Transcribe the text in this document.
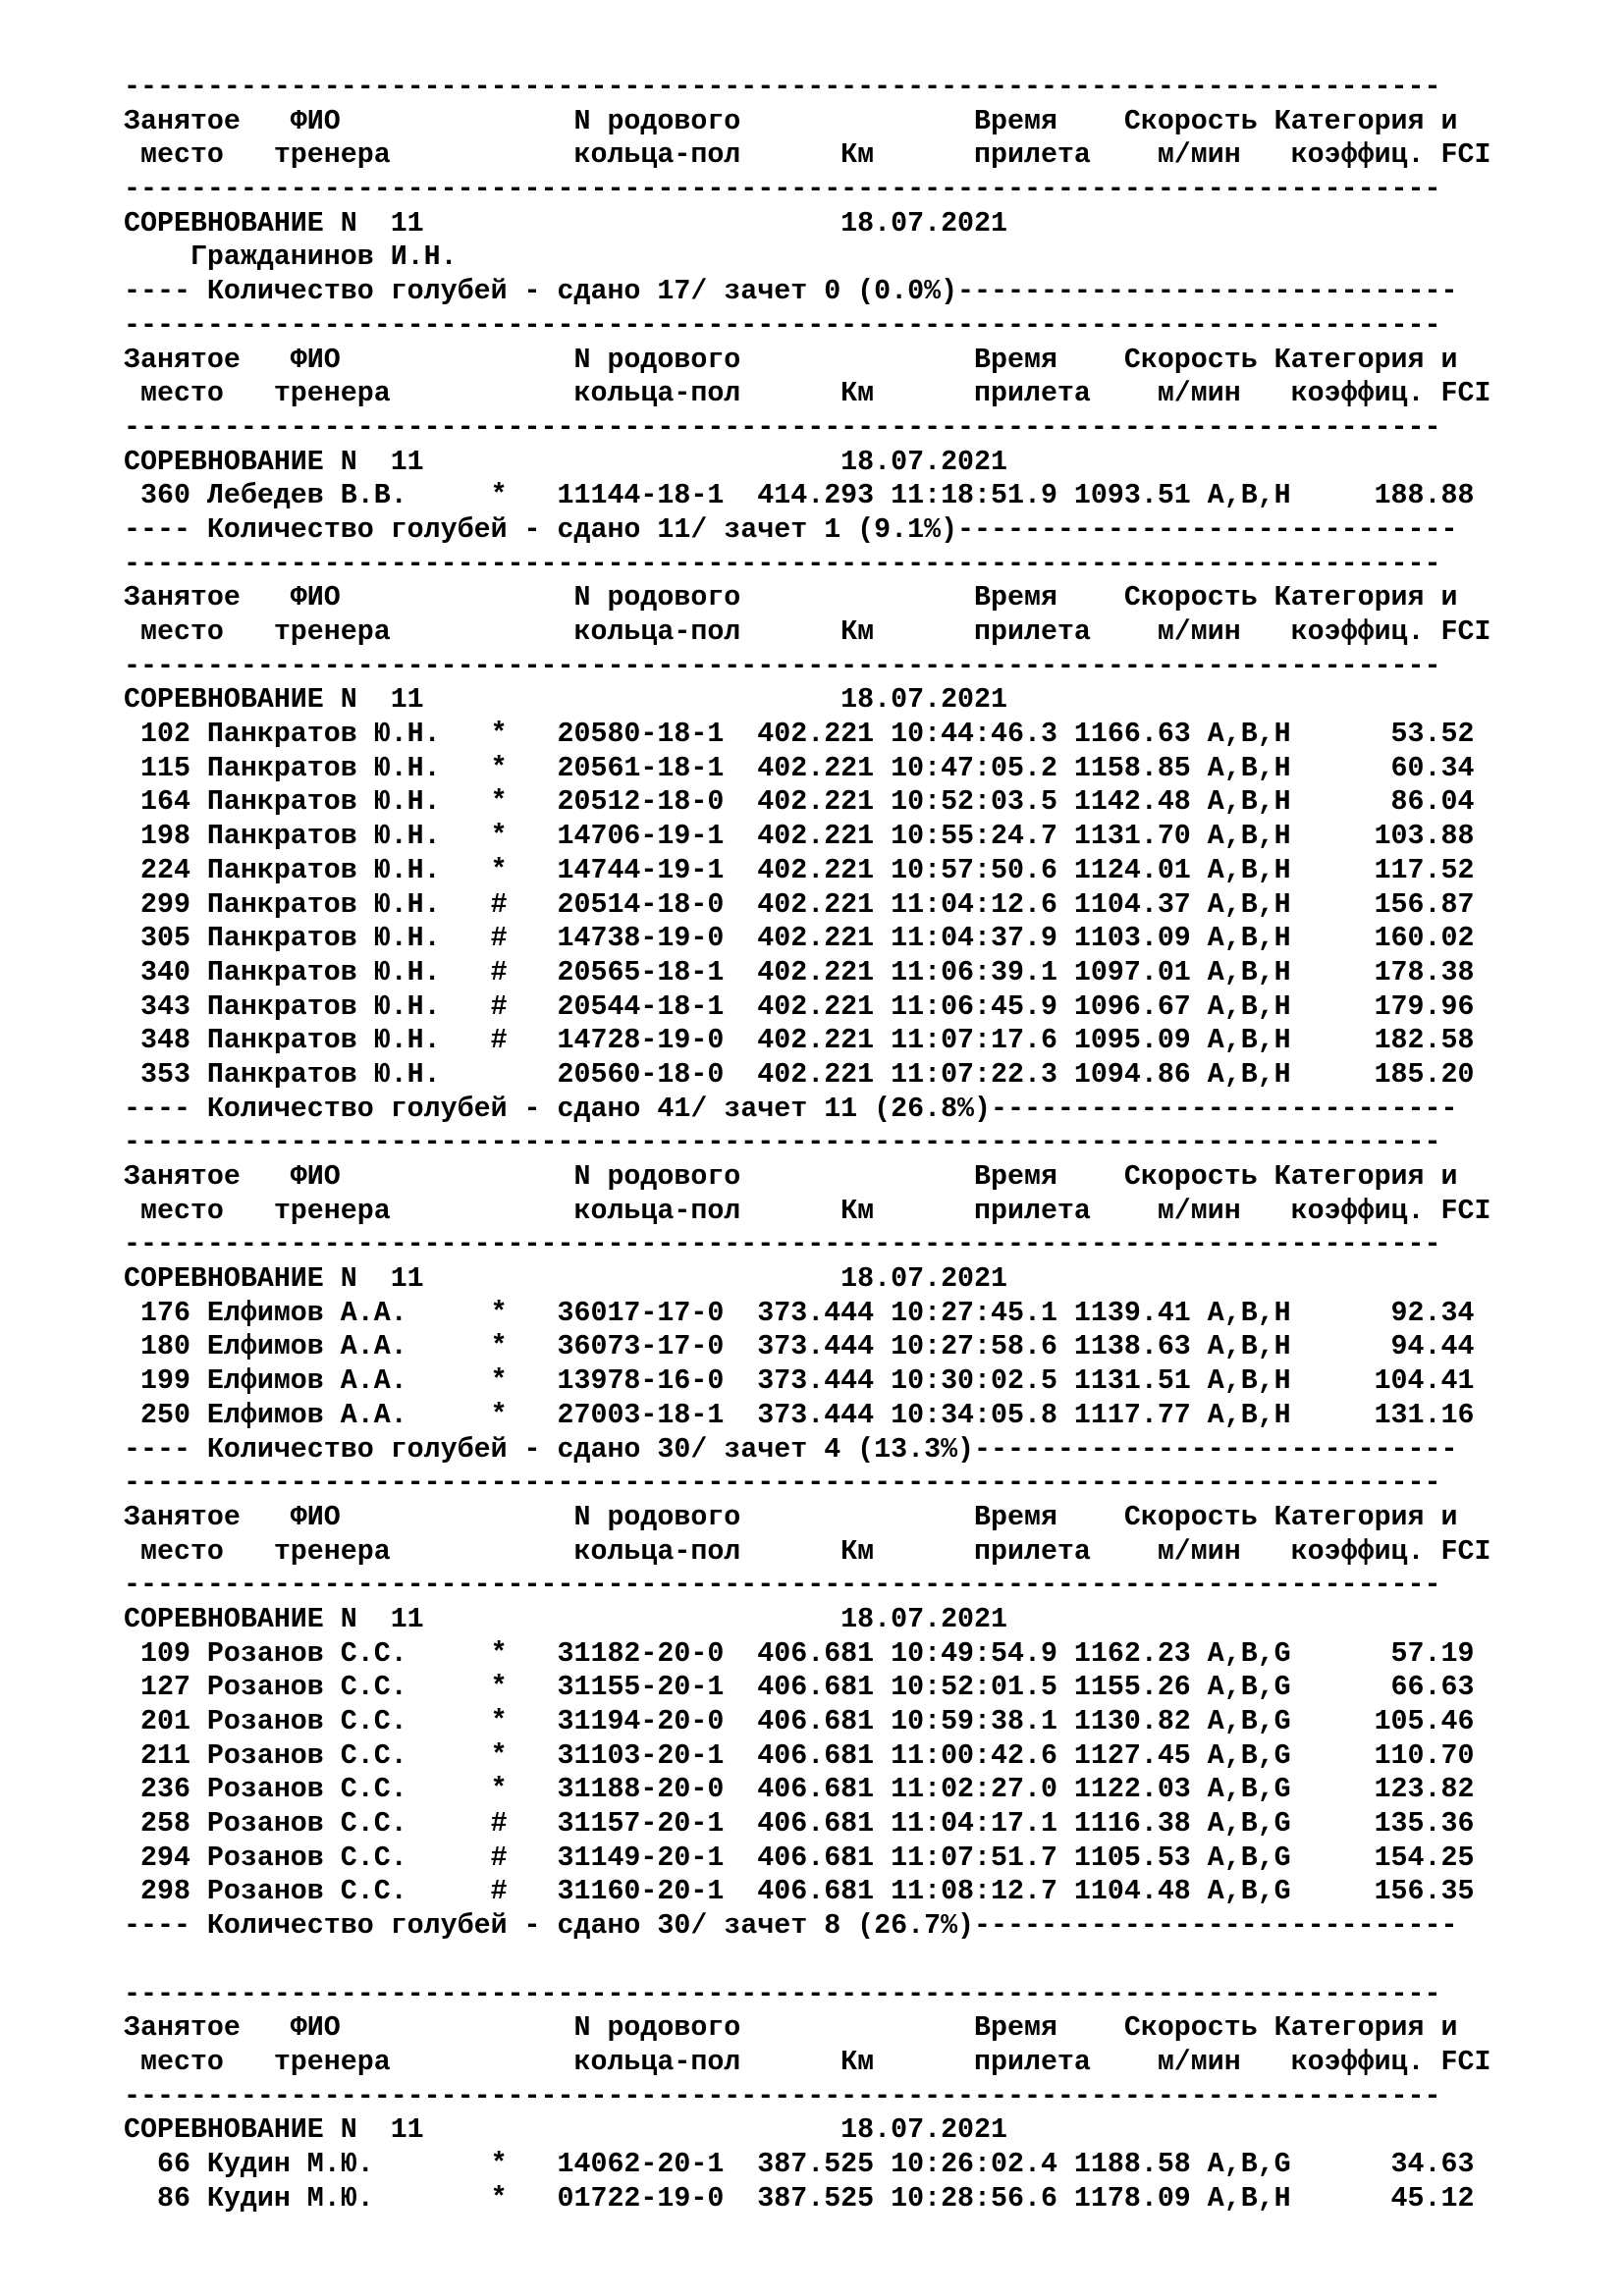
-------------------------------------------------------------------------------
Занятое   ФИО              N родового              Время    Скорость Категория и
место   тренера           кольца-пол      Км      прилета    м/мин   коэффиц. FCI
-------------------------------------------------------------------------------
СОРЕВНОВАНИЕ N  11                         18.07.2021
Гражданинов И.Н.
---- Количество голубей - сдано 17/ зачет 0 (0.0%)------------------------------
-------------------------------------------------------------------------------
Занятое   ФИО              N родового              Время    Скорость Категория и
место   тренера           кольца-пол      Км      прилета    м/мин   коэффиц. FCI
-------------------------------------------------------------------------------
СОРЕВНОВАНИЕ N  11                         18.07.2021
360 Лебедев В.В.     *   11144-18-1  414.293 11:18:51.9 1093.51 A,B,H     188.88
---- Количество голубей - сдано 11/ зачет 1 (9.1%)------------------------------
-------------------------------------------------------------------------------
Занятое   ФИО              N родового              Время    Скорость Категория и
место   тренера           кольца-пол      Км      прилета    м/мин   коэффиц. FCI
-------------------------------------------------------------------------------
СОРЕВНОВАНИЕ N  11                         18.07.2021
102 Панкратов Ю.Н.   *   20580-18-1  402.221 10:44:46.3 1166.63 A,B,H      53.52
115 Панкратов Ю.Н.   *   20561-18-1  402.221 10:47:05.2 1158.85 A,B,H      60.34
164 Панкратов Ю.Н.   *   20512-18-0  402.221 10:52:03.5 1142.48 A,B,H      86.04
198 Панкратов Ю.Н.   *   14706-19-1  402.221 10:55:24.7 1131.70 A,B,H     103.88
224 Панкратов Ю.Н.   *   14744-19-1  402.221 10:57:50.6 1124.01 A,B,H     117.52
299 Панкратов Ю.Н.   #   20514-18-0  402.221 11:04:12.6 1104.37 A,B,H     156.87
305 Панкратов Ю.Н.   #   14738-19-0  402.221 11:04:37.9 1103.09 A,B,H     160.02
340 Панкратов Ю.Н.   #   20565-18-1  402.221 11:06:39.1 1097.01 A,B,H     178.38
343 Панкратов Ю.Н.   #   20544-18-1  402.221 11:06:45.9 1096.67 A,B,H     179.96
348 Панкратов Ю.Н.   #   14728-19-0  402.221 11:07:17.6 1095.09 A,B,H     182.58
353 Панкратов Ю.Н.       20560-18-0  402.221 11:07:22.3 1094.86 A,B,H     185.20
---- Количество голубей - сдано 41/ зачет 11 (26.8%)----------------------------
-------------------------------------------------------------------------------
Занятое   ФИО              N родового              Время    Скорость Категория и
место   тренера           кольца-пол      Км      прилета    м/мин   коэффиц. FCI
-------------------------------------------------------------------------------
СОРЕВНОВАНИЕ N  11                         18.07.2021
176 Елфимов А.А.     *   36017-17-0  373.444 10:27:45.1 1139.41 A,B,H      92.34
180 Елфимов А.А.     *   36073-17-0  373.444 10:27:58.6 1138.63 A,B,H      94.44
199 Елфимов А.А.     *   13978-16-0  373.444 10:30:02.5 1131.51 A,B,H     104.41
250 Елфимов А.А.     *   27003-18-1  373.444 10:34:05.8 1117.77 A,B,H     131.16
---- Количество голубей - сдано 30/ зачет 4 (13.3%)-----------------------------
-------------------------------------------------------------------------------
Занятое   ФИО              N родового              Время    Скорость Категория и
место   тренера           кольца-пол      Км      прилета    м/мин   коэффиц. FCI
-------------------------------------------------------------------------------
СОРЕВНОВАНИЕ N  11                         18.07.2021
109 Розанов С.С.     *   31182-20-0  406.681 10:49:54.9 1162.23 A,B,G      57.19
127 Розанов С.С.     *   31155-20-1  406.681 10:52:01.5 1155.26 A,B,G      66.63
201 Розанов С.С.     *   31194-20-0  406.681 10:59:38.1 1130.82 A,B,G     105.46
211 Розанов С.С.     *   31103-20-1  406.681 11:00:42.6 1127.45 A,B,G     110.70
236 Розанов С.С.     *   31188-20-0  406.681 11:02:27.0 1122.03 A,B,G     123.82
258 Розанов С.С.     #   31157-20-1  406.681 11:04:17.1 1116.38 A,B,G     135.36
294 Розанов С.С.     #   31149-20-1  406.681 11:07:51.7 1105.53 A,B,G     154.25
298 Розанов С.С.     #   31160-20-1  406.681 11:08:12.7 1104.48 A,B,G     156.35
---- Количество голубей - сдано 30/ зачет 8 (26.7%)-----------------------------
-------------------------------------------------------------------------------
Занятое   ФИО              N родового              Время    Скорость Категория и
место   тренера           кольца-пол      Км      прилета    м/мин   коэффиц. FCI
-------------------------------------------------------------------------------
СОРЕВНОВАНИЕ N  11                         18.07.2021
66 Кудин М.Ю.       *   14062-20-1  387.525 10:26:02.4 1188.58 A,B,G      34.63
86 Кудин М.Ю.       *   01722-19-0  387.525 10:28:56.6 1178.09 A,B,H      45.12
